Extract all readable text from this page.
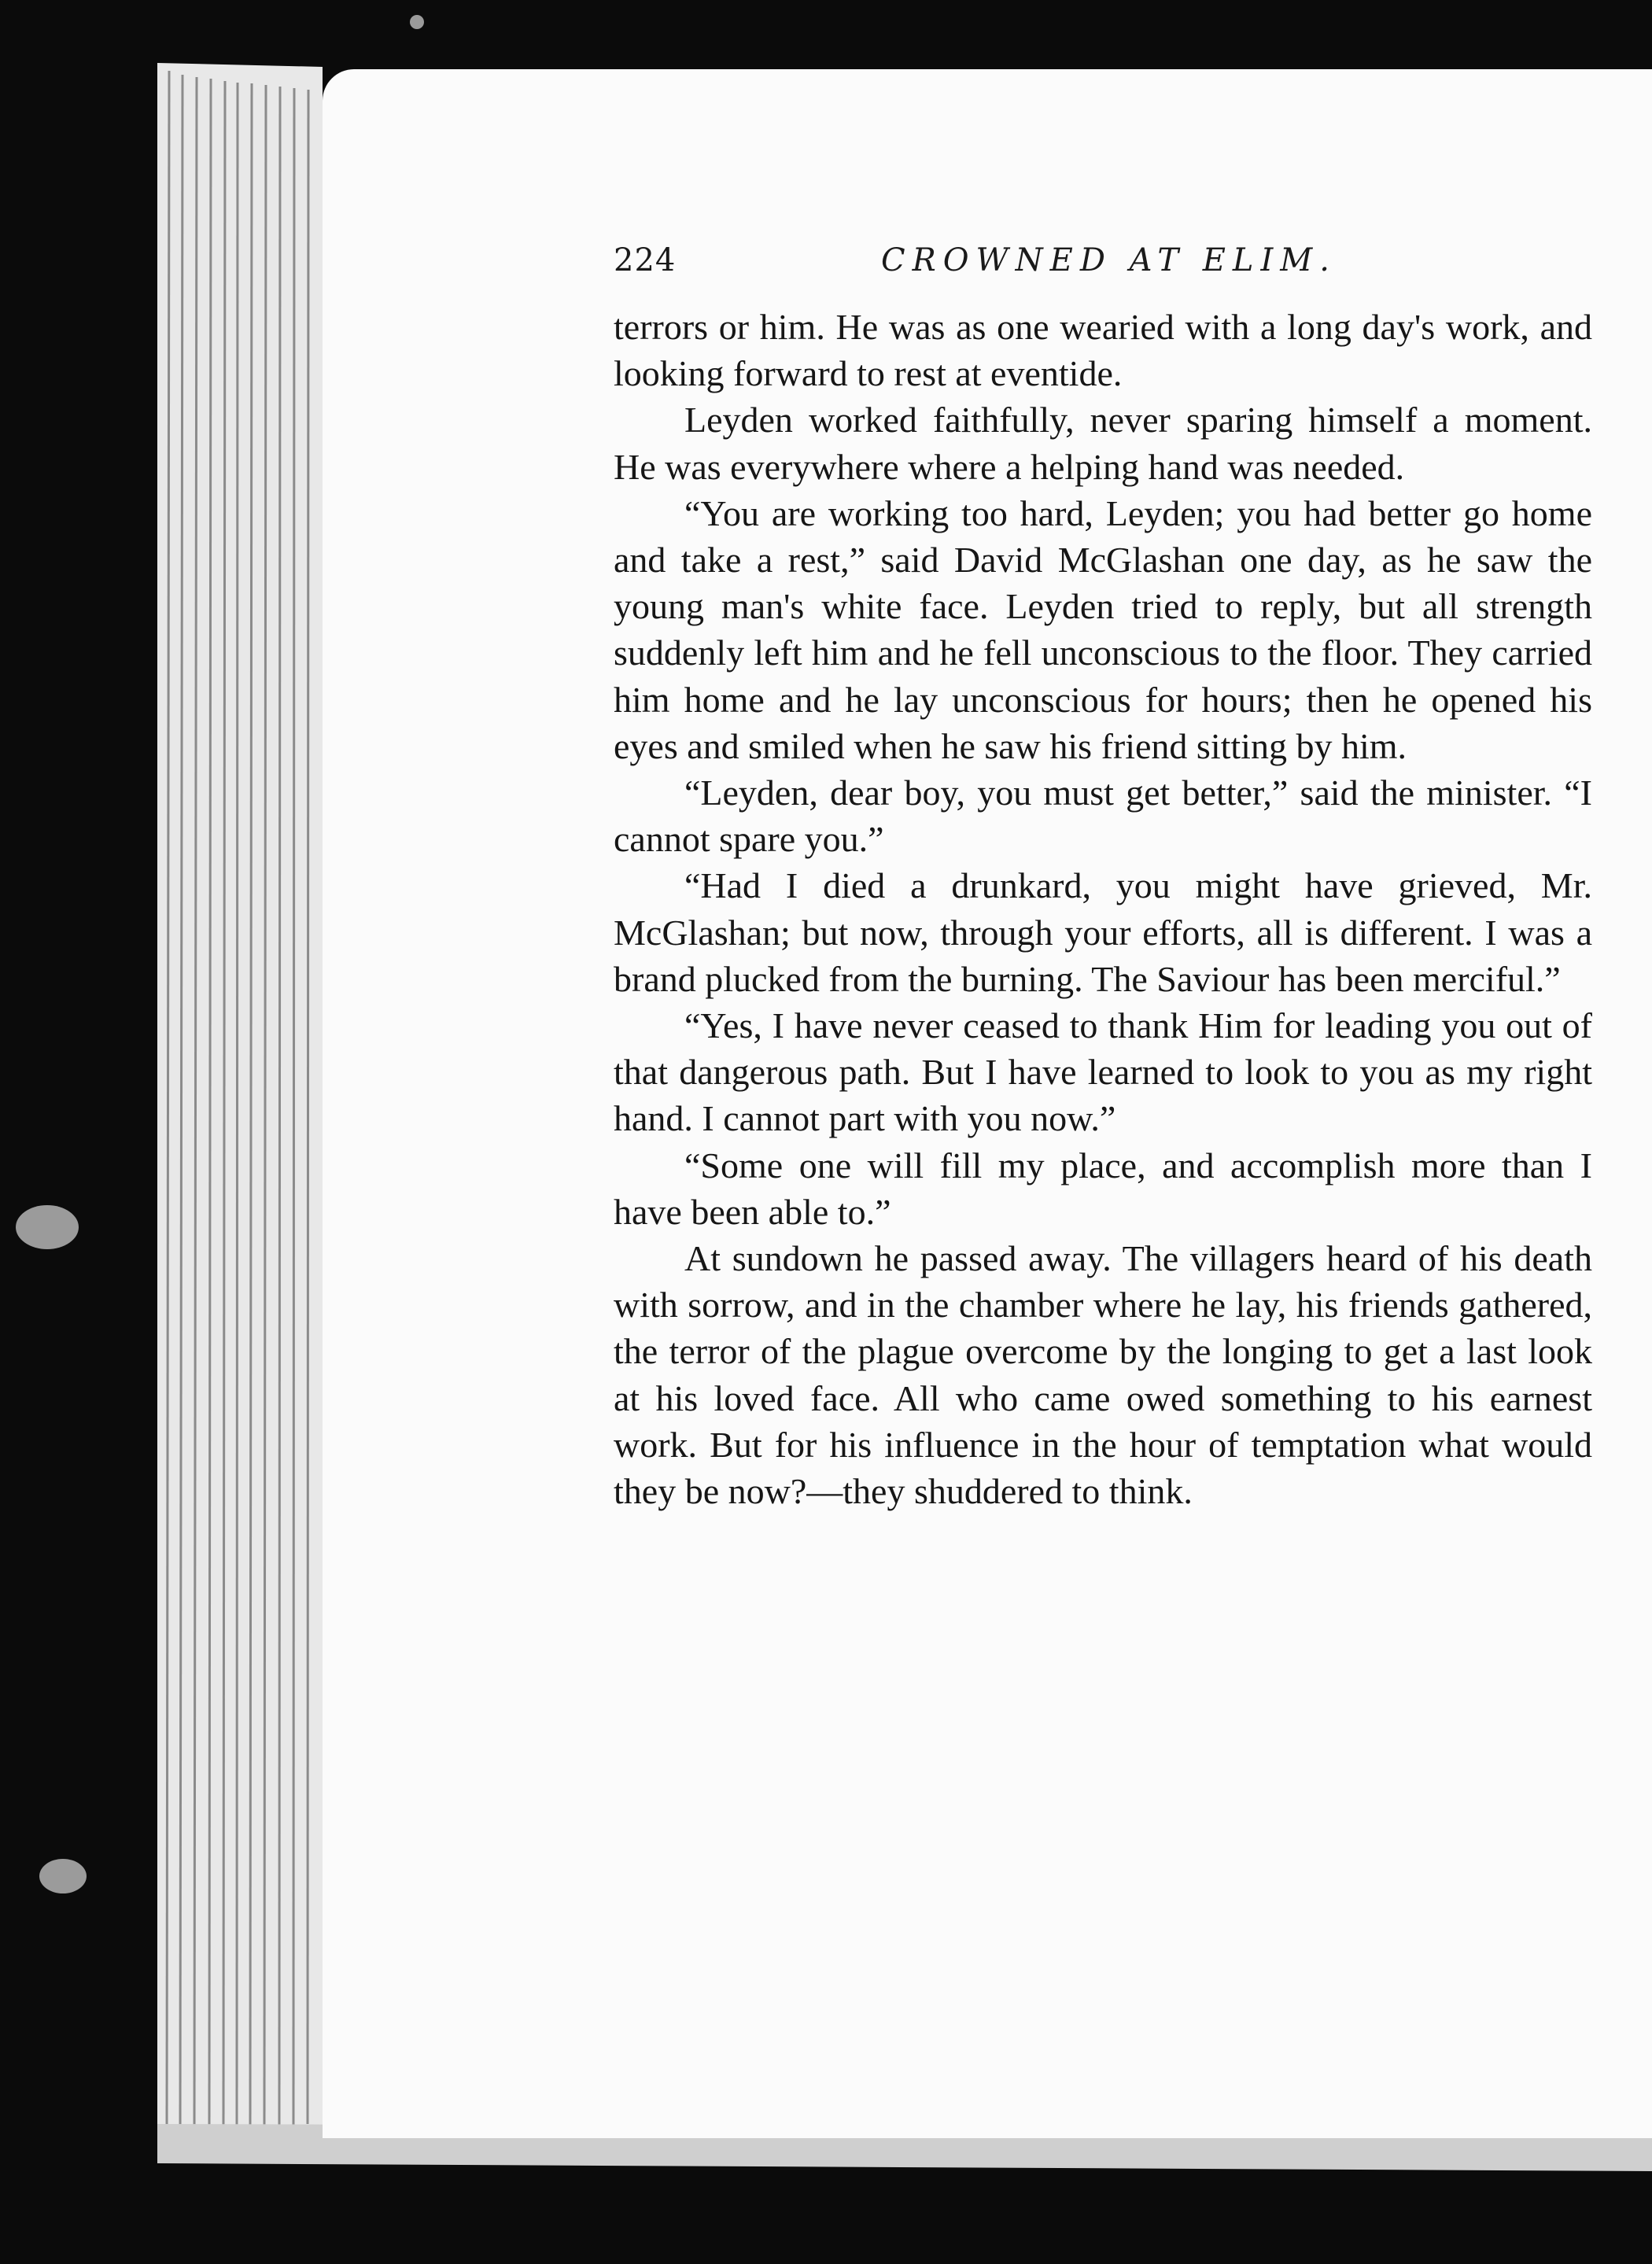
224	CROWNED AT ELIM.

terrors or him. He was as one wearied with a long day's work, and looking forward to rest at eventide.

Leyden worked faithfully, never sparing himself a moment. He was everywhere where a helping hand was needed.

“You are working too hard, Leyden; you had better go home and take a rest,” said David McGlashan one day, as he saw the young man's white face. Leyden tried to reply, but all strength suddenly left him and he fell unconscious to the floor. They carried him home and he lay unconscious for hours; then he opened his eyes and smiled when he saw his friend sitting by him.

“Leyden, dear boy, you must get better,” said the minister. “I cannot spare you.”

“Had I died a drunkard, you might have grieved, Mr. McGlashan; but now, through your efforts, all is different. I was a brand plucked from the burning. The Saviour has been merciful.”

“Yes, I have never ceased to thank Him for leading you out of that dangerous path. But I have learned to look to you as my right hand. I cannot part with you now.”

“Some one will fill my place, and accomplish more than I have been able to.”

At sundown he passed away. The villagers heard of his death with sorrow, and in the chamber where he lay, his friends gathered, the terror of the plague overcome by the longing to get a last look at his loved face. All who came owed something to his earnest work. But for his influence in the hour of temptation what would they be now?—they shuddered to think.
